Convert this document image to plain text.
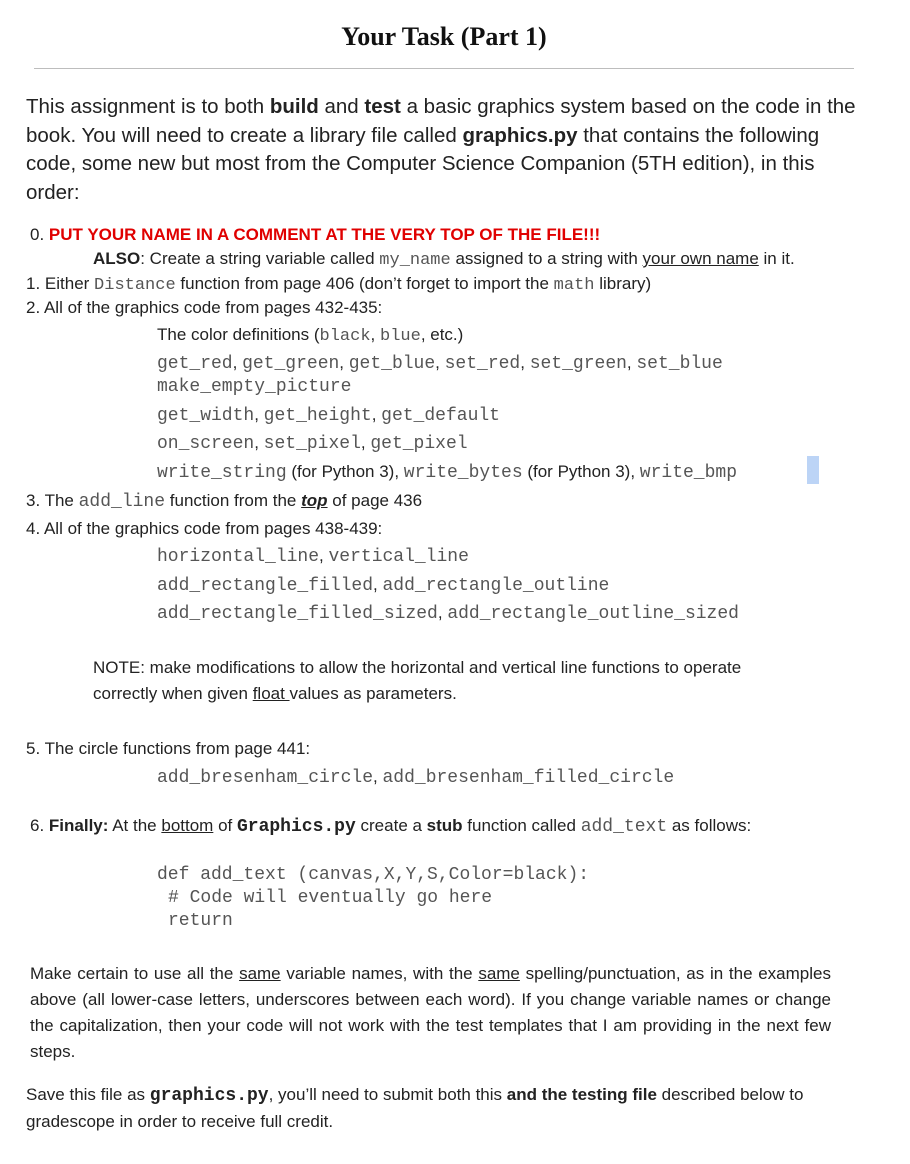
Your Task (Part 1)
This assignment is to both build and test a basic graphics system based on the code in the book. You will need to create a library file called graphics.py that contains the following code, some new but most from the Computer Science Companion (5TH edition), in this order:
0. PUT YOUR NAME IN A COMMENT AT THE VERY TOP OF THE FILE!!!
ALSO: Create a string variable called my_name assigned to a string with your own name in it.
1. Either Distance function from page 406 (don’t forget to import the math library)
2. All of the graphics code from pages 432-435:
The color definitions (black, blue, etc.)
get_red, get_green, get_blue, set_red, set_green, set_blue
make_empty_picture
get_width, get_height, get_default
on_screen, set_pixel, get_pixel
write_string (for Python 3), write_bytes (for Python 3), write_bmp
3. The add_line function from the top of page 436
4. All of the graphics code from pages 438-439:
horizontal_line, vertical_line
add_rectangle_filled, add_rectangle_outline
add_rectangle_filled_sized, add_rectangle_outline_sized
NOTE: make modifications to allow the horizontal and vertical line functions to operate
correctly when given float values as parameters.
5. The circle functions from page 441:
add_bresenham_circle, add_bresenham_filled_circle
6. Finally: At the bottom of Graphics.py create a stub function called add_text as follows:
def add_text (canvas,X,Y,S,Color=black):
# Code will eventually go here
return
Make certain to use all the same variable names, with the same spelling/punctuation, as in the examples above (all lower-case letters, underscores between each word). If you change variable names or change the capitalization, then your code will not work with the test templates that I am providing in the next few steps.
Save this file as graphics.py, you’ll need to submit both this and the testing file described below to gradescope in order to receive full credit.
